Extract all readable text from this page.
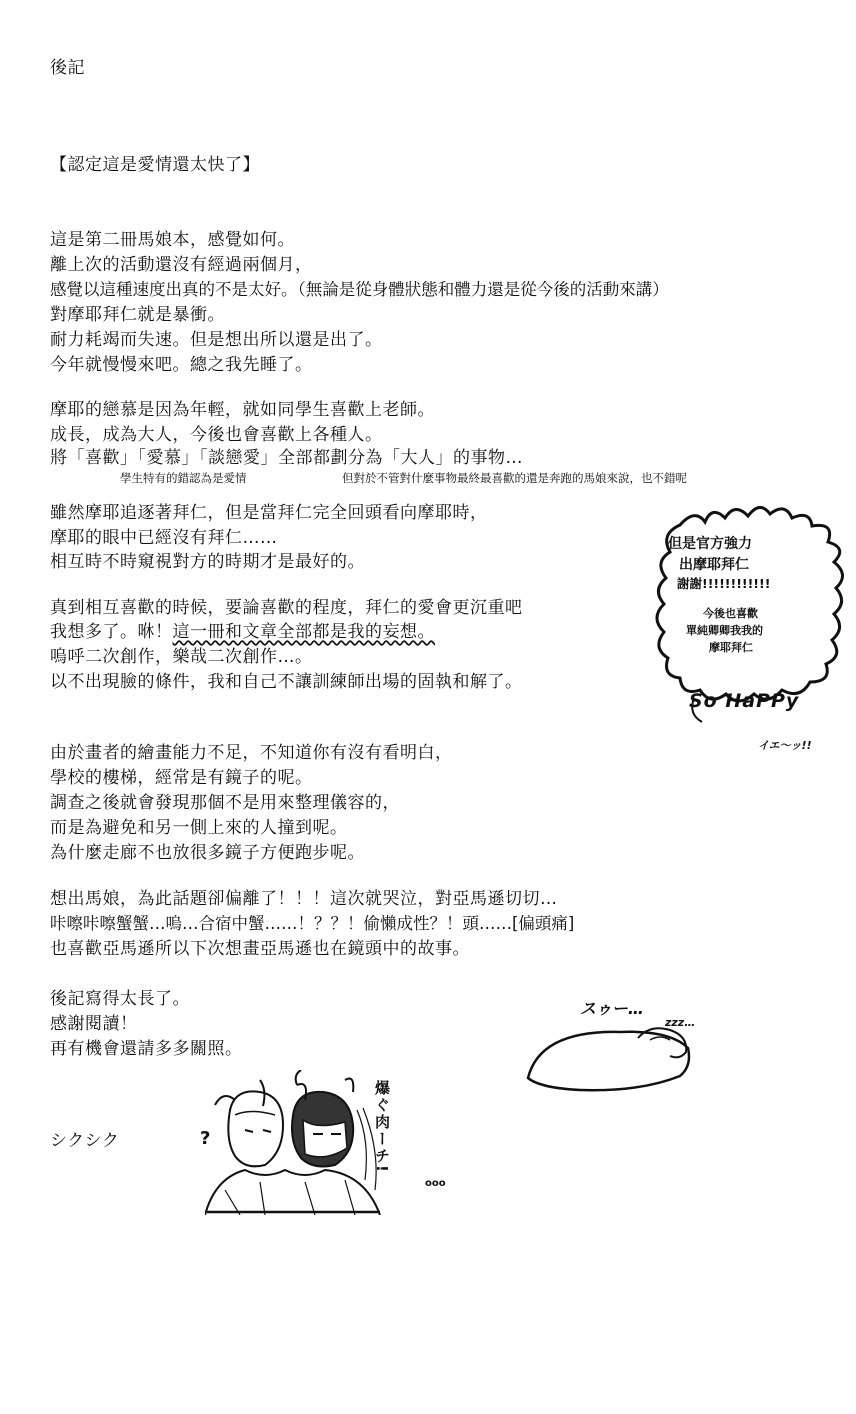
後記
【認定這是愛情還太快了】
這是第二冊馬娘本，感覺如何。
離上次的活動還沒有經過兩個月，
感覺以這種速度出真的不是太好。（無論是從身體狀態和體力還是從今後的活動來講）
對摩耶拜仁就是暴衝。
耐力耗竭而失速。但是想出所以還是出了。
今年就慢慢來吧。總之我先睡了。
摩耶的戀慕是因為年輕，就如同學生喜歡上老師。
成長，成為大人，今後也會喜歡上各種人。
將「喜歡」「愛慕」「談戀愛」全部都劃分為「大人」的事物…
學生特有的錯認為是愛情	但對於不管對什麼事物最終最喜歡的還是奔跑的馬娘來說，也不錯呢
雖然摩耶追逐著拜仁，但是當拜仁完全回頭看向摩耶時，
摩耶的眼中已經沒有拜仁……
相互時不時窺視對方的時期才是最好的。
真到相互喜歡的時候，要論喜歡的程度，拜仁的愛會更沉重吧
我想多了。咻！這一冊和文章全部都是我的妄想。
嗚呼二次創作，樂哉二次創作…。
以不出現臉的條件，我和自己不讓訓練師出場的固執和解了。
但是官方強力
出摩耶拜仁
謝謝!!!!!!!!!!!!
今後也喜歡
單純卿卿我我的
摩耶拜仁
So HaPPy
イエ〜ッ!!
由於畫者的繪畫能力不足，不知道你有沒有看明白，
學校的樓梯，經常是有鏡子的呢。
調查之後就會發現那個不是用來整理儀容的，
而是為避免和另一側上來的人撞到呢。
為什麼走廊不也放很多鏡子方便跑步呢。
想出馬娘，為此話題卻偏離了！！！這次就哭泣，對亞馬遜切切…
咔嚓咔嚓蟹蟹…嗚…合宿中蟹……！？？！偷懶成性？！頭……[偏頭痛]
也喜歡亞馬遜所以下次想畫亞馬遜也在鏡頭中的故事。
後記寫得太長了。
感謝閱讀！
再有機會還請多多關照。
スゥー…
zzz…
シクシク	?	爆ぐ肉ーチ!
ooo
